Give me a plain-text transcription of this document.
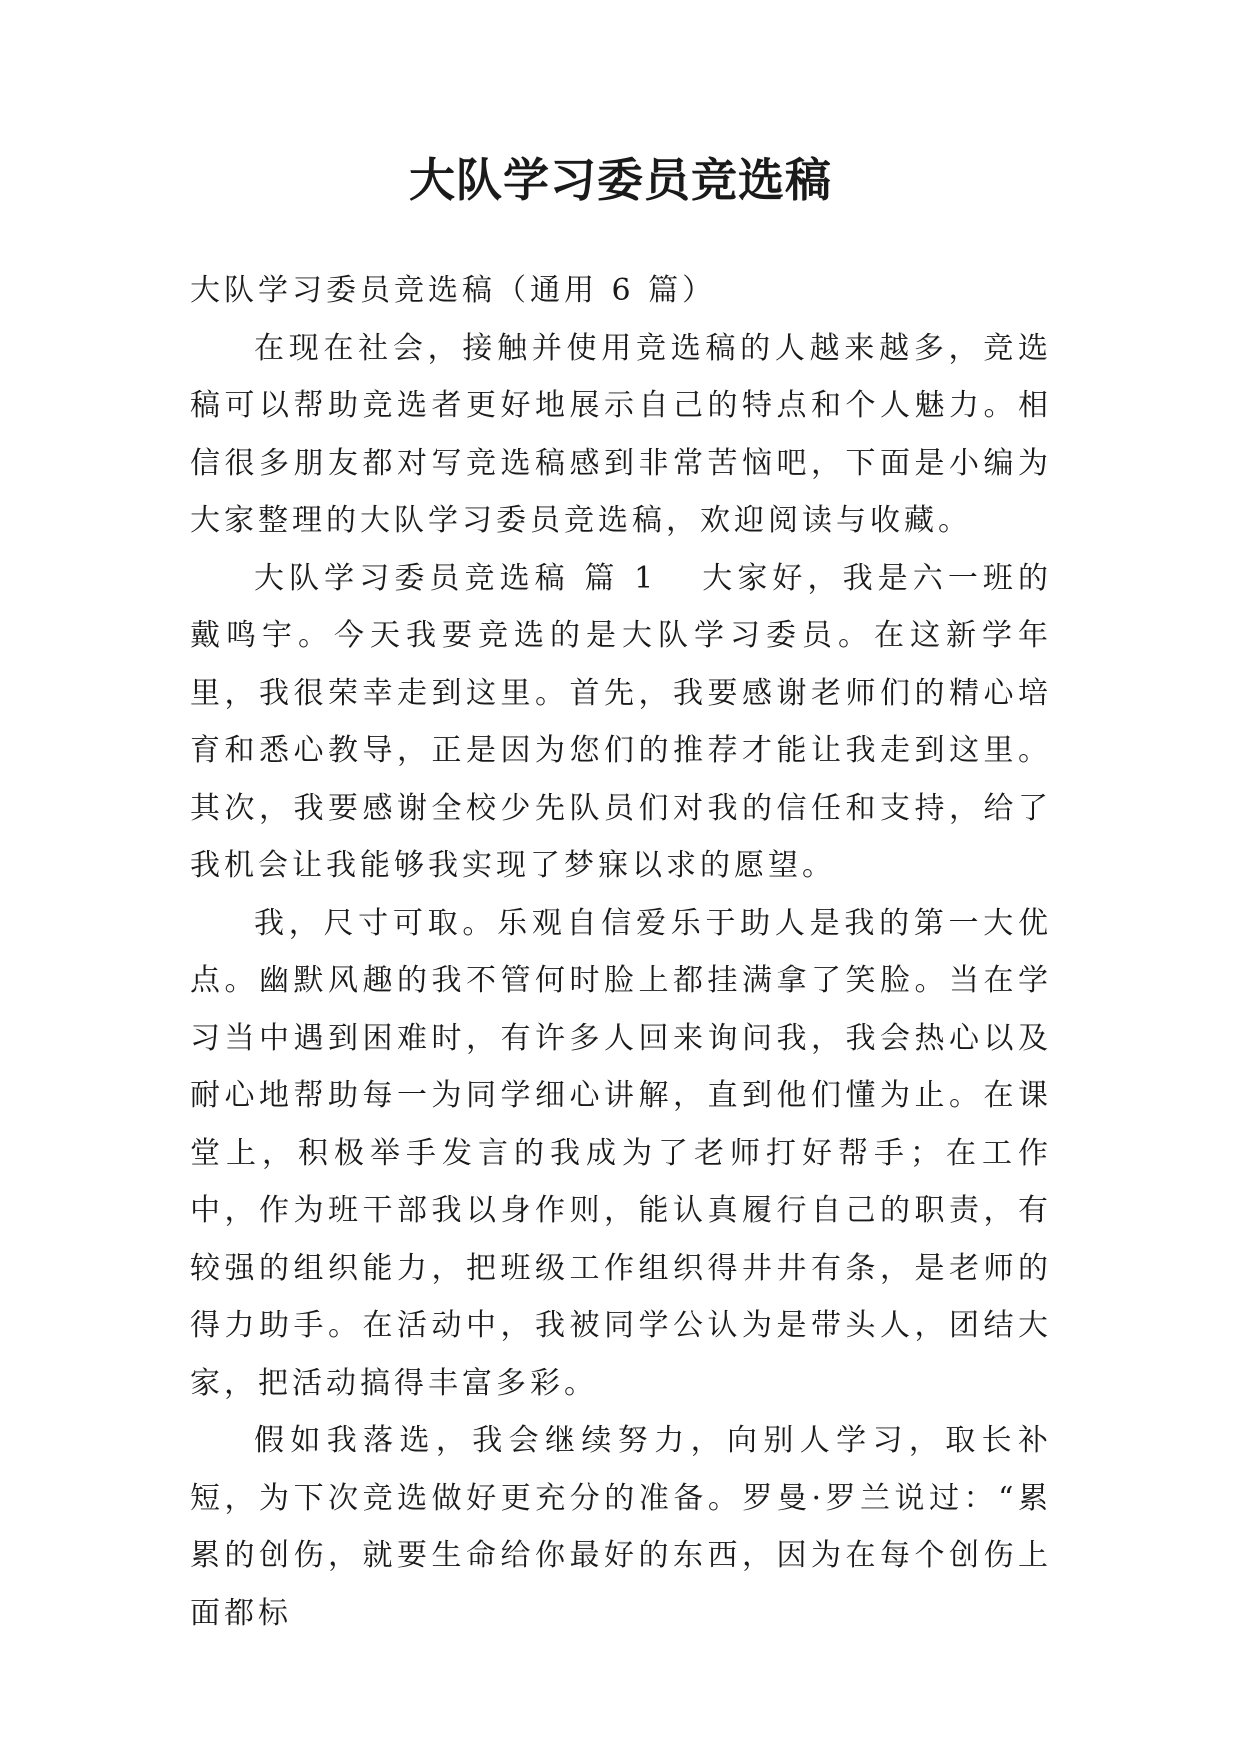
大队学习委员竞选稿

大队学习委员竞选稿（通用 6 篇）

在现在社会，接触并使用竞选稿的人越来越多，竞选稿可以帮助竞选者更好地展示自己的特点和个人魅力。相信很多朋友都对写竞选稿感到非常苦恼吧，下面是小编为大家整理的大队学习委员竞选稿，欢迎阅读与收藏。

大队学习委员竞选稿 篇 1 大家好，我是六一班的戴鸣宇。今天我要竞选的是大队学习委员。在这新学年里，我很荣幸走到这里。首先，我要感谢老师们的精心培育和悉心教导，正是因为您们的推荐才能让我走到这里。其次，我要感谢全校少先队员们对我的信任和支持，给了我机会让我能够我实现了梦寐以求的愿望。

我，尺寸可取。乐观自信爱乐于助人是我的第一大优点。幽默风趣的我不管何时脸上都挂满拿了笑脸。当在学习当中遇到困难时，有许多人回来询问我，我会热心以及耐心地帮助每一为同学细心讲解，直到他们懂为止。在课堂上，积极举手发言的我成为了老师打好帮手；在工作中，作为班干部我以身作则，能认真履行自己的职责，有较强的组织能力，把班级工作组织得井井有条，是老师的得力助手。在活动中，我被同学公认为是带头人，团结大家，把活动搞得丰富多彩。

假如我落选，我会继续努力，向别人学习，取长补短，为下次竞选做好更充分的准备。罗曼·罗兰说过：“累累的创伤，就要生命给你最好的东西，因为在每个创伤上面都标
